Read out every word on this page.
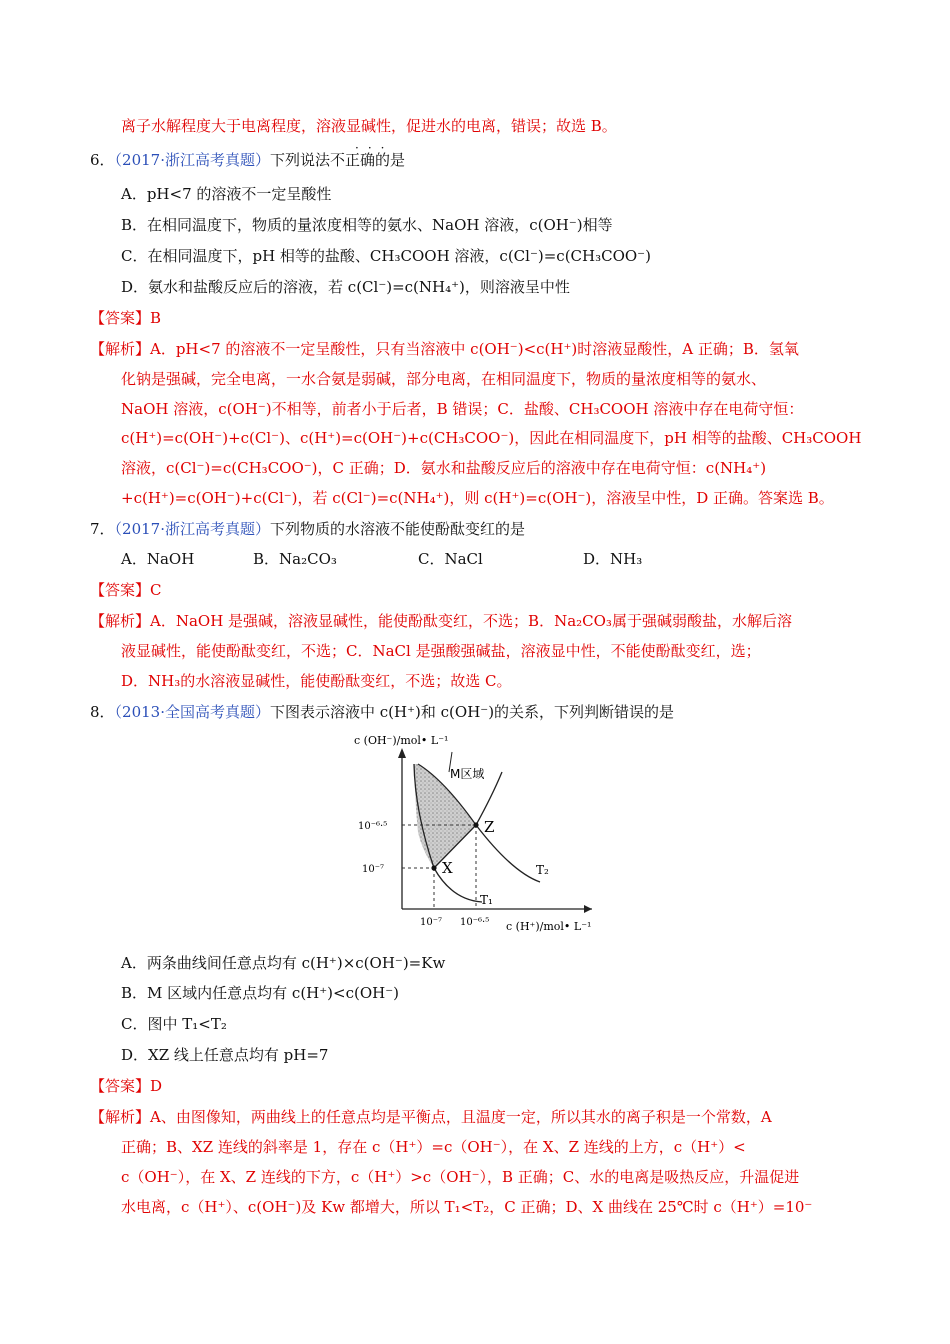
离子水解程度大于电离程度，溶液显碱性，促进水的电离，错误；故选 B。
6．（2017·浙江高考真题）下列说法不正确的是
···
A．pH<7 的溶液不一定呈酸性
B．在相同温度下，物质的量浓度相等的氨水、NaOH 溶液，c(OH⁻)相等
C．在相同温度下，pH 相等的盐酸、CH₃COOH 溶液，c(Cl⁻)=c(CH₃COO⁻)
D．氨水和盐酸反应后的溶液，若 c(Cl⁻)=c(NH₄⁺)，则溶液呈中性
【答案】B
【解析】A．pH<7 的溶液不一定呈酸性，只有当溶液中 c(OH⁻)<c(H⁺)时溶液显酸性，A 正确；B．氢氧
化钠是强碱，完全电离，一水合氨是弱碱，部分电离，在相同温度下，物质的量浓度相等的氨水、
NaOH 溶液，c(OH⁻)不相等，前者小于后者，B 错误；C．盐酸、CH₃COOH 溶液中存在电荷守恒：
c(H⁺)=c(OH⁻)+c(Cl⁻)、c(H⁺)=c(OH⁻)+c(CH₃COO⁻)，因此在相同温度下，pH 相等的盐酸、CH₃COOH
溶液，c(Cl⁻)=c(CH₃COO⁻)，C 正确；D．氨水和盐酸反应后的溶液中存在电荷守恒：c(NH₄⁺)
+c(H⁺)=c(OH⁻)+c(Cl⁻)，若 c(Cl⁻)=c(NH₄⁺)，则 c(H⁺)=c(OH⁻)，溶液呈中性，D 正确。答案选 B。
7．（2017·浙江高考真题）下列物质的水溶液不能使酚酞变红的是
A．NaOH	B．Na₂CO₃	C．NaCl	D．NH₃
【答案】C
【解析】A．NaOH 是强碱，溶液显碱性，能使酚酞变红，不选；B．Na₂CO₃属于强碱弱酸盐，水解后溶
液显碱性，能使酚酞变红，不选；C．NaCl 是强酸强碱盐，溶液显中性，不能使酚酞变红，选；
D．NH₃的水溶液显碱性，能使酚酞变红，不选；故选 C。
8．（2013·全国高考真题）下图表示溶液中 c(H⁺)和 c(OH⁻)的关系，下列判断错误的是
c (OH⁻)/mol• L⁻¹
M区域
10⁻⁶·⁵
10⁻⁷
10⁻⁷ 10⁻⁶·⁵ c (H⁺)/mol• L⁻¹
X
Z
T₂
T₁
A．两条曲线间任意点均有 c(H⁺)×c(OH⁻)=Kw
B．M 区域内任意点均有 c(H⁺)<c(OH⁻)
C．图中 T₁<T₂
D．XZ 线上任意点均有 pH=7
【答案】D
【解析】A、由图像知，两曲线上的任意点均是平衡点，且温度一定，所以其水的离子积是一个常数，A
正确；B、XZ 连线的斜率是 1，存在 c（H⁺）=c（OH⁻），在 X、Z 连线的上方，c（H⁺）<
c（OH⁻），在 X、Z 连线的下方，c（H⁺）>c（OH⁻），B 正确；C、水的电离是吸热反应，升温促进
水电离，c（H⁺）、c(OH⁻)及 Kw 都增大，所以 T₁<T₂，C 正确；D、X 曲线在 25℃时 c（H⁺）=10⁻
